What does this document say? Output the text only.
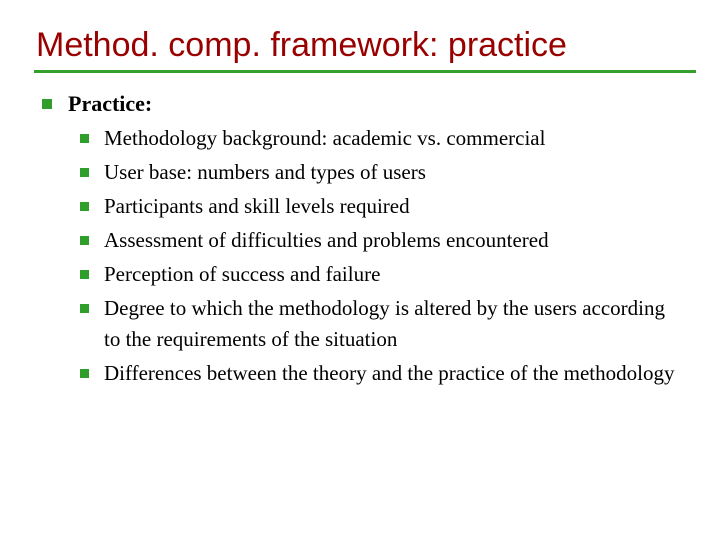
Method. comp. framework: practice
Practice:
Methodology background: academic vs. commercial
User base: numbers and types of users
Participants and skill levels required
Assessment of difficulties and problems encountered
Perception of success and failure
Degree to which the methodology is altered by the users according to the requirements of the situation
Differences between the theory and the practice of the methodology
